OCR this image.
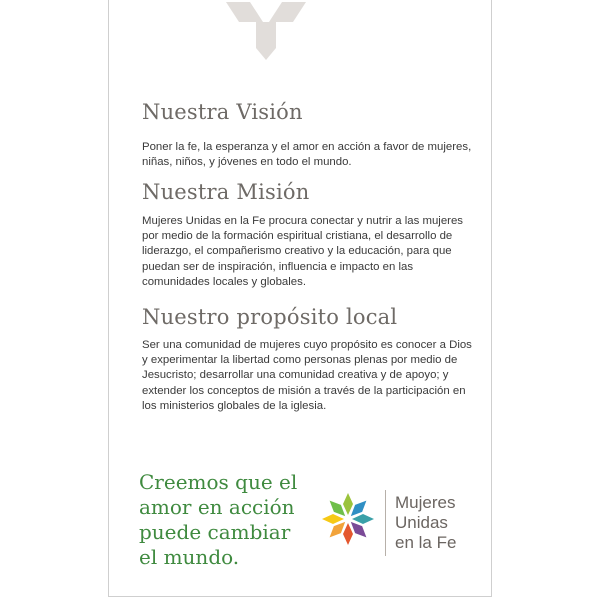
Nuestra Visión

Poner la fe, la esperanza y el amor en acción a favor de mujeres, niñas, niños, y jóvenes en todo el mundo.

Nuestra Misión

Mujeres Unidas en la Fe procura conectar y nutrir a las mujeres por medio de la formación espiritual cristiana, el desarrollo de liderazgo, el compañerismo creativo y la educación, para que puedan ser de inspiración, influencia e impacto en las comunidades locales y globales.

Nuestro propósito local

Ser una comunidad de mujeres cuyo propósito es conocer a Dios y experimentar la libertad como personas plenas por medio de Jesucristo; desarrollar una comunidad creativa y de apoyo; y extender los conceptos de misión a través de la participación en los ministerios globales de la iglesia.

Creemos que el
amor en acción
puede cambiar
el mundo.
Mujeres
Unidas
en la Fe
